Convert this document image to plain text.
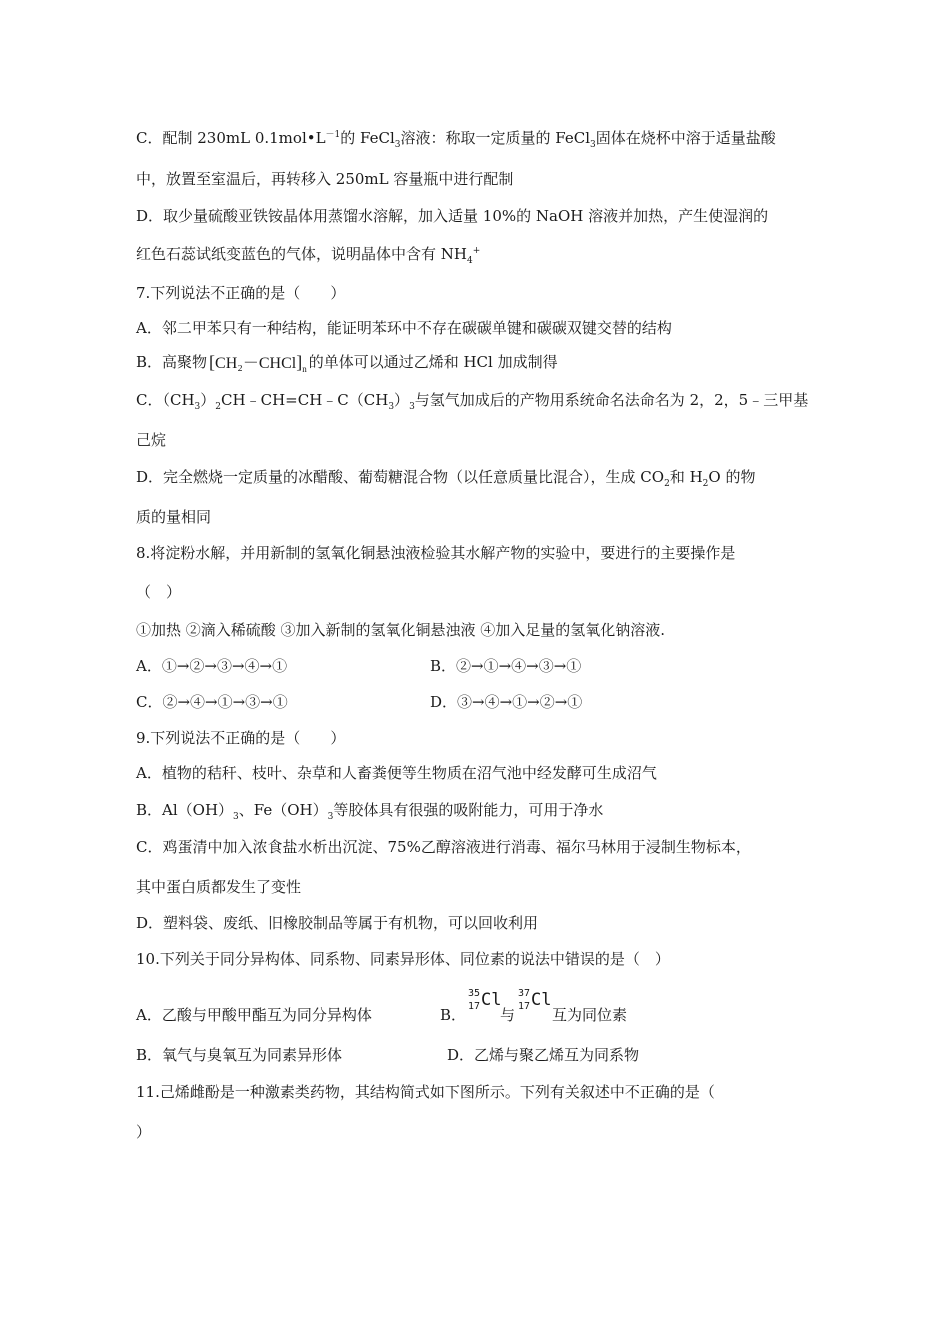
C．配制 230mL $0.1mol•L^{-1}$的 FeCl$_3$溶液：称取一定质量的 FeCl$_3$固体在烧杯中溶于适量盐酸
中，放置至室温后，再转移入 250mL 容量瓶中进行配制
D．取少量硫酸亚铁铵晶体用蒸馏水溶解，加入适量 10%的 NaOH 溶液并加热，产生使湿润的
红色石蕊试纸变蓝色的气体，说明晶体中含有 $NH_4^+$
7.下列说法不正确的是（　　）
A．邻二甲苯只有一种结构，能证明苯环中不存在碳碳单键和碳碳双键交替的结构
B．高聚物 $[CH_2-CHCl]_n$ 的单体可以通过乙烯和 HCl 加成制得
C．$(CH_3)_2CH﹣CH=CH﹣C(CH_3)_3$与氢气加成后的产物用系统命名法命名为 2，2，5﹣三甲基
己烷
D．完全燃烧一定质量的冰醋酸、葡萄糖混合物（以任意质量比混合），生成 $CO_2$和 $H_2O$ 的物
质的量相同
8.将淀粉水解，并用新制的氢氧化铜悬浊液检验其水解产物的实验中，要进行的主要操作是
（　）
①加热 ②滴入稀硫酸 ③加入新制的氢氧化铜悬浊液 ④加入足量的氢氧化钠溶液.
A．①→②→③→④→①	B．②→①→④→③→①
C．②→④→①→③→①	D．③→④→①→②→①
9.下列说法不正确的是（　　）
A．植物的秸秆、枝叶、杂草和人畜粪便等生物质在沼气池中经发酵可生成沼气
B．$Al(OH)_3$、$Fe(OH)_3$等胶体具有很强的吸附能力，可用于净水
C．鸡蛋清中加入浓食盐水析出沉淀、75%乙醇溶液进行消毒、福尔马林用于浸制生物标本，
其中蛋白质都发生了变性
D．塑料袋、废纸、旧橡胶制品等属于有机物，可以回收利用
10.下列关于同分异构体、同系物、同素异形体、同位素的说法中错误的是（　）
A．乙酸与甲酸甲酯互为同分异构体	B．
35
17 Cl
与
37
17 Cl
互为同位素
B．氧气与臭氧互为同素异形体	D．乙烯与聚乙烯互为同系物
11.己烯雌酚是一种激素类药物，其结构简式如下图所示。下列有关叙述中不正确的是（
）
